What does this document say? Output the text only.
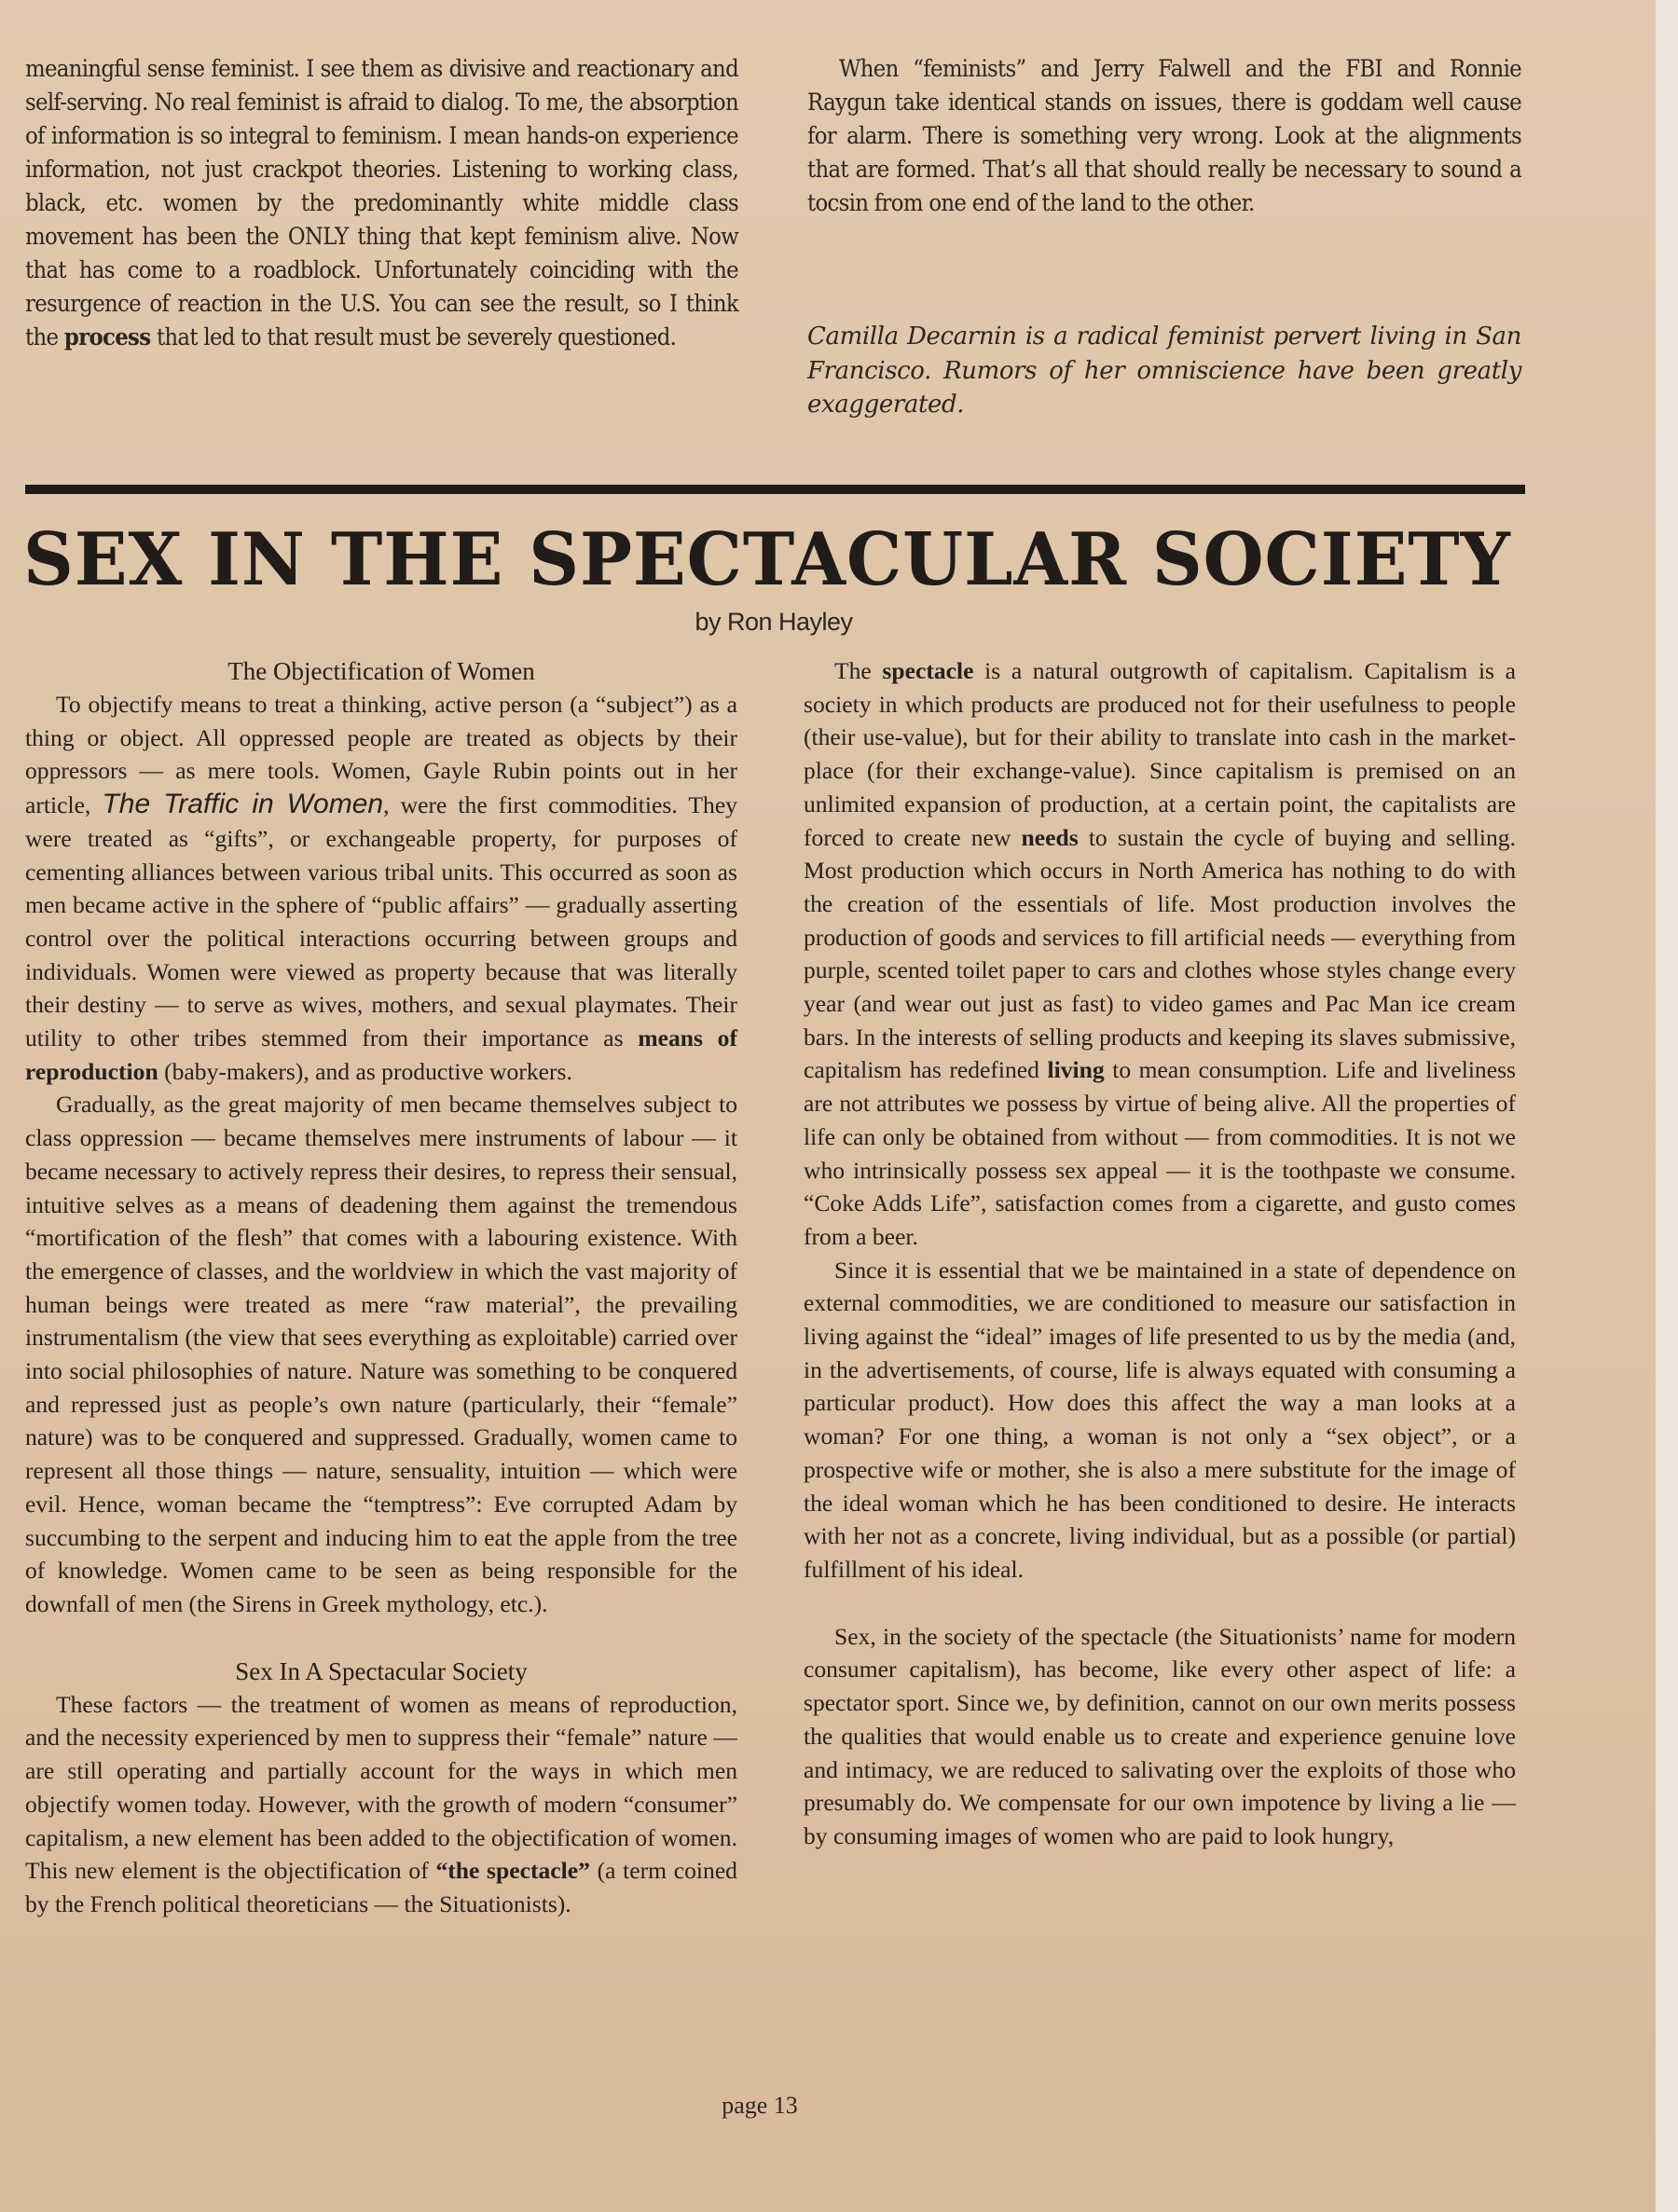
meaningful sense feminist. I see them as divisive and reactionary and self-serving. No real feminist is afraid to dialog. To me, the absorption of information is so integral to feminism. I mean hands-on experience information, not just crackpot theories. Listening to working class, black, etc. women by the predominantly white middle class movement has been the ONLY thing that kept feminism alive. Now that has come to a roadblock. Unfortunately coinciding with the resurgence of reaction in the U.S. You can see the result, so I think the process that led to that result must be severely questioned.

When “feminists” and Jerry Falwell and the FBI and Ronnie Raygun take identical stands on issues, there is goddam well cause for alarm. There is something very wrong. Look at the alignments that are formed. That’s all that should really be necessary to sound a tocsin from one end of the land to the other.

Camilla Decarnin is a radical feminist pervert living in San Francisco. Rumors of her omniscience have been greatly exaggerated.

SEX IN THE SPECTACULAR SOCIETY
by Ron Hayley

The Objectification of Women

To objectify means to treat a thinking, active person (a “subject”) as a thing or object. All oppressed people are treated as objects by their oppressors — as mere tools. Women, Gayle Rubin points out in her article, The Traffic in Women, were the first commodities. They were treated as “gifts”, or exchangeable property, for purposes of cementing alliances between various tribal units. This occurred as soon as men became active in the sphere of “public affairs” — gradually asserting control over the political interactions occurring between groups and individuals. Women were viewed as property because that was literally their destiny — to serve as wives, mothers, and sexual playmates. Their utility to other tribes stemmed from their importance as means of reproduction (baby-makers), and as productive workers.

Gradually, as the great majority of men became themselves subject to class oppression — became themselves mere instruments of labour — it became necessary to actively repress their desires, to repress their sensual, intuitive selves as a means of deadening them against the tremendous “mortification of the flesh” that comes with a labouring existence. With the emergence of classes, and the worldview in which the vast majority of human beings were treated as mere “raw material”, the prevailing instrumentalism (the view that sees everything as exploitable) carried over into social philosophies of nature. Nature was something to be conquered and repressed just as people’s own nature (particularly, their “female” nature) was to be conquered and suppressed. Gradually, women came to represent all those things — nature, sensuality, intuition — which were evil. Hence, woman became the “temptress”: Eve corrupted Adam by succumbing to the serpent and inducing him to eat the apple from the tree of knowledge. Women came to be seen as being responsible for the downfall of men (the Sirens in Greek mythology, etc.).

Sex In A Spectacular Society

These factors — the treatment of women as means of reproduction, and the necessity experienced by men to suppress their “female” nature — are still operating and partially account for the ways in which men objectify women today. However, with the growth of modern “consumer” capitalism, a new element has been added to the objectification of women. This new element is the objectification of “the spectacle” (a term coined by the French political theoreticians — the Situationists).

The spectacle is a natural outgrowth of capitalism. Capitalism is a society in which products are produced not for their usefulness to people (their use-value), but for their ability to translate into cash in the market-place (for their exchange-value). Since capitalism is premised on an unlimited expansion of production, at a certain point, the capitalists are forced to create new needs to sustain the cycle of buying and selling. Most production which occurs in North America has nothing to do with the creation of the essentials of life. Most production involves the production of goods and services to fill artificial needs — everything from purple, scented toilet paper to cars and clothes whose styles change every year (and wear out just as fast) to video games and Pac Man ice cream bars. In the interests of selling products and keeping its slaves submissive, capitalism has redefined living to mean consumption. Life and liveliness are not attributes we possess by virtue of being alive. All the properties of life can only be obtained from without — from commodities. It is not we who intrinsically possess sex appeal — it is the toothpaste we consume. “Coke Adds Life”, satisfaction comes from a cigarette, and gusto comes from a beer.

Since it is essential that we be maintained in a state of dependence on external commodities, we are conditioned to measure our satisfaction in living against the “ideal” images of life presented to us by the media (and, in the advertisements, of course, life is always equated with consuming a particular product). How does this affect the way a man looks at a woman? For one thing, a woman is not only a “sex object”, or a prospective wife or mother, she is also a mere substitute for the image of the ideal woman which he has been conditioned to desire. He interacts with her not as a concrete, living individual, but as a possible (or partial) fulfillment of his ideal.

Sex, in the society of the spectacle (the Situationists’ name for modern consumer capitalism), has become, like every other aspect of life: a spectator sport. Since we, by definition, cannot on our own merits possess the qualities that would enable us to create and experience genuine love and intimacy, we are reduced to salivating over the exploits of those who presumably do. We compensate for our own impotence by living a lie — by consuming images of women who are paid to look hungry,

page 13
